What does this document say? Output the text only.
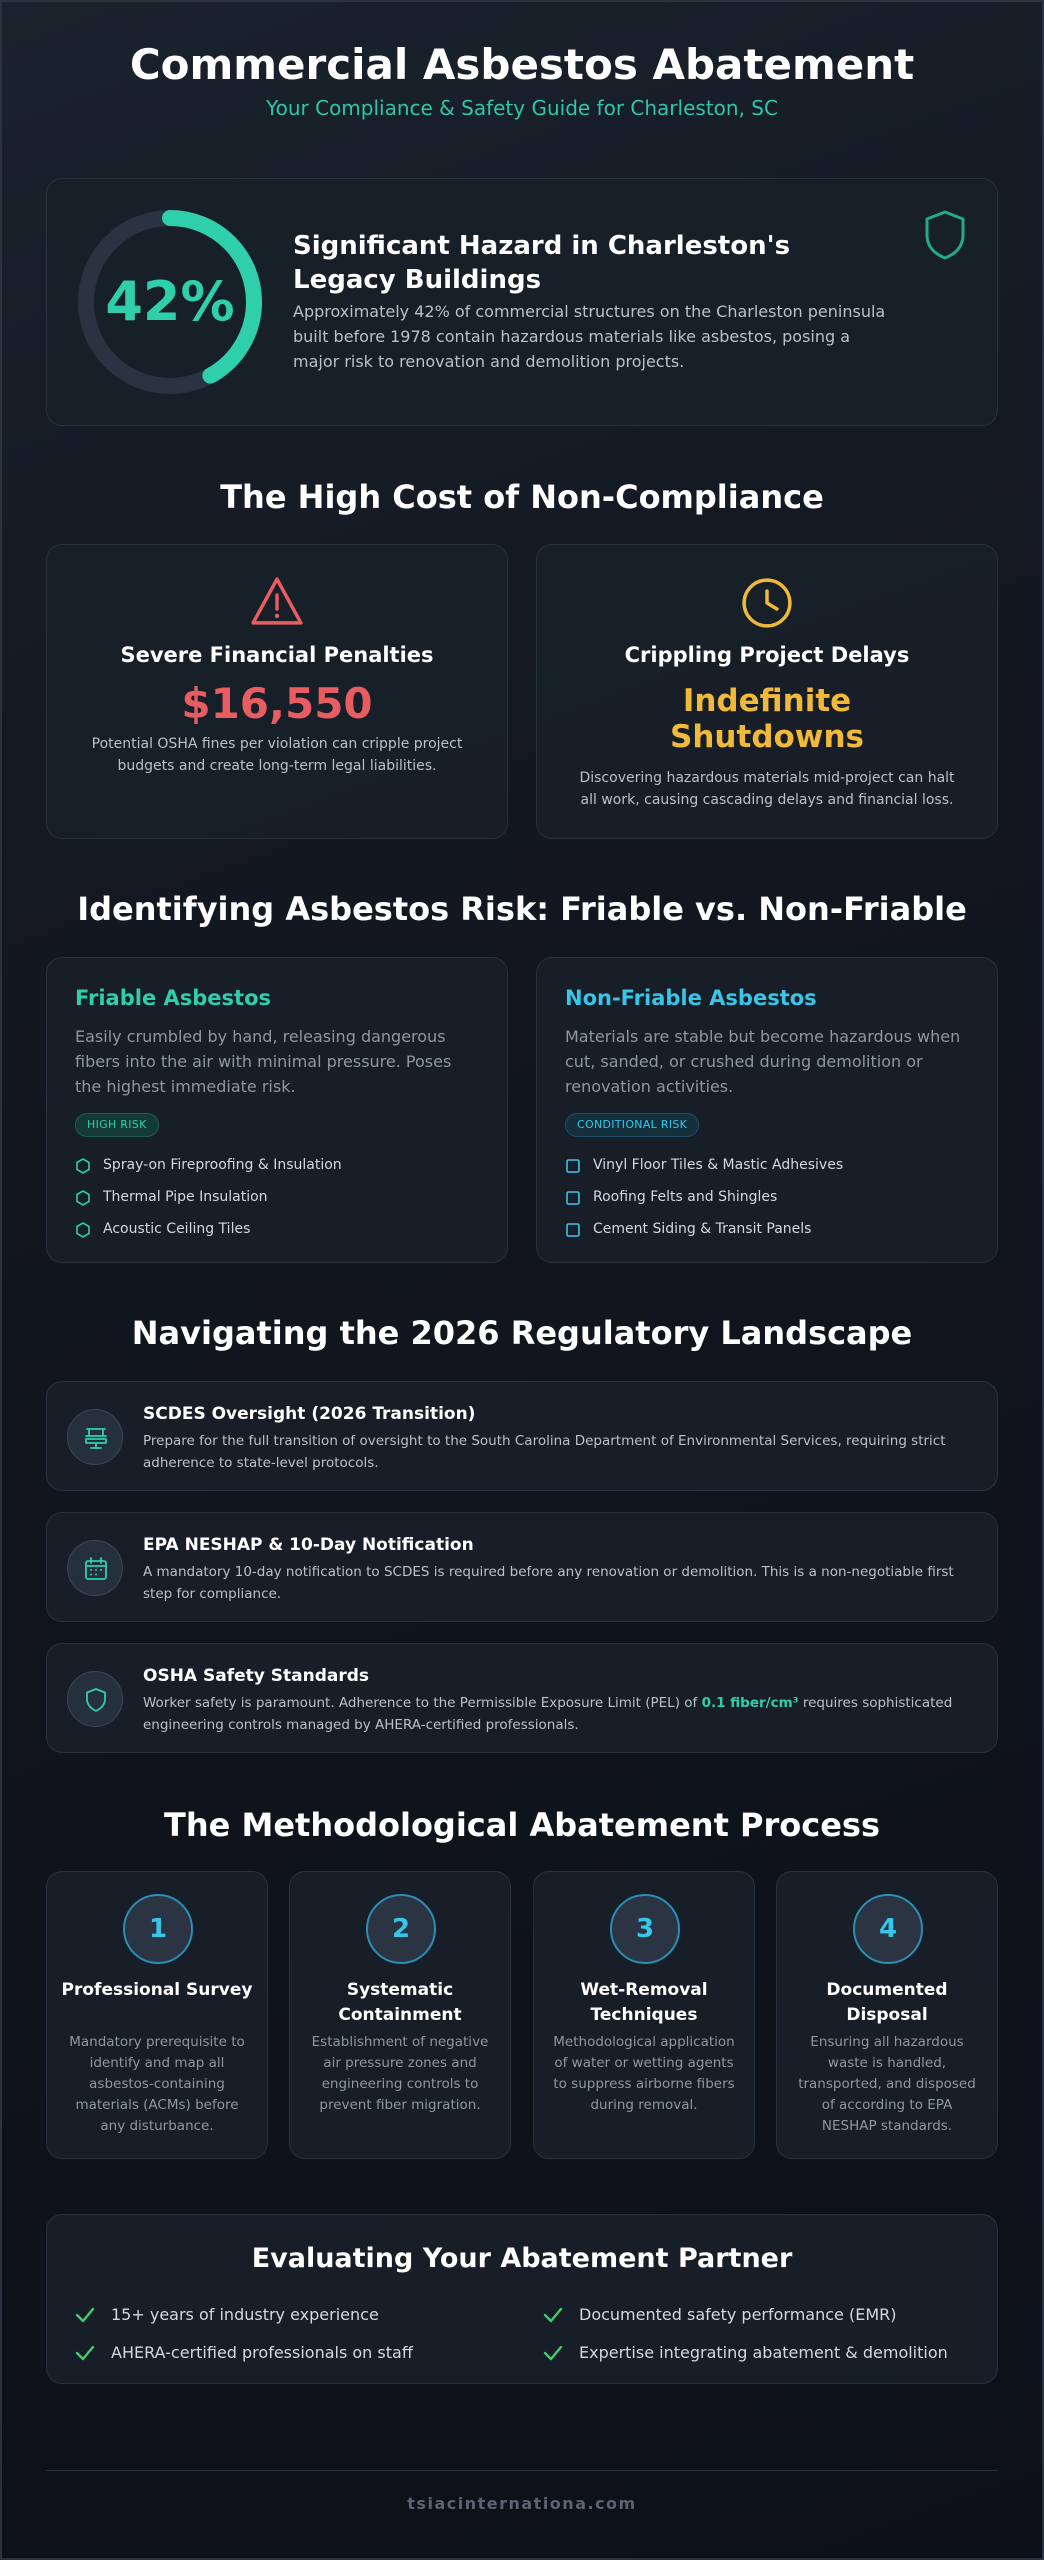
Commercial Asbestos Abatement
Your Compliance & Safety Guide for Charleston, SC
42%
Significant Hazard in Charleston's Legacy Buildings
Approximately 42% of commercial structures on the Charleston peninsula built before 1978 contain hazardous materials like asbestos, posing a major risk to renovation and demolition projects.
The High Cost of Non-Compliance
Severe Financial Penalties
$16,550
Potential OSHA fines per violation can cripple project budgets and create long-term legal liabilities.
Crippling Project Delays
Indefinite Shutdowns
Discovering hazardous materials mid-project can halt all work, causing cascading delays and financial loss.
Identifying Asbestos Risk: Friable vs. Non-Friable
Friable Asbestos
Easily crumbled by hand, releasing dangerous fibers into the air with minimal pressure. Poses the highest immediate risk.
HIGH RISK
Spray-on Fireproofing & Insulation
Thermal Pipe Insulation
Acoustic Ceiling Tiles
Non-Friable Asbestos
Materials are stable but become hazardous when cut, sanded, or crushed during demolition or renovation activities.
CONDITIONAL RISK
Vinyl Floor Tiles & Mastic Adhesives
Roofing Felts and Shingles
Cement Siding & Transit Panels
Navigating the 2026 Regulatory Landscape
SCDES Oversight (2026 Transition)
Prepare for the full transition of oversight to the South Carolina Department of Environmental Services, requiring strict adherence to state-level protocols.
EPA NESHAP & 10-Day Notification
A mandatory 10-day notification to SCDES is required before any renovation or demolition. This is a non-negotiable first step for compliance.
OSHA Safety Standards
Worker safety is paramount. Adherence to the Permissible Exposure Limit (PEL) of 0.1 fiber/cm³ requires sophisticated engineering controls managed by AHERA-certified professionals.
The Methodological Abatement Process
1
Professional Survey
Mandatory prerequisite to identify and map all asbestos-containing materials (ACMs) before any disturbance.
2
Systematic Containment
Establishment of negative air pressure zones and engineering controls to prevent fiber migration.
3
Wet-Removal Techniques
Methodological application of water or wetting agents to suppress airborne fibers during removal.
4
Documented Disposal
Ensuring all hazardous waste is handled, transported, and disposed of according to EPA NESHAP standards.
Evaluating Your Abatement Partner
15+ years of industry experience	Documented safety performance (EMR)
AHERA-certified professionals on staff	Expertise integrating abatement & demolition
tsiacinternationa.com
